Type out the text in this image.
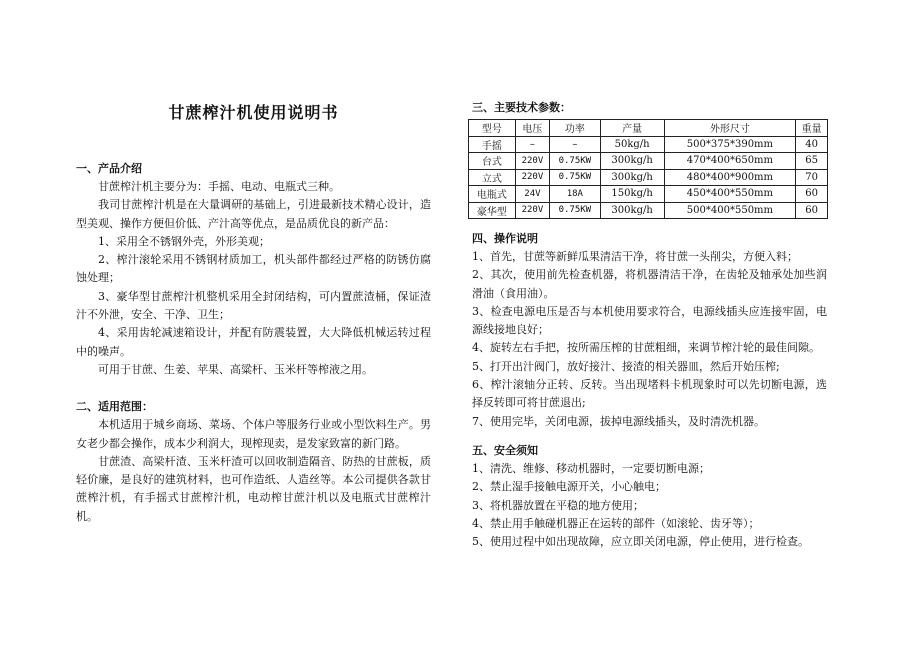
甘蔗榨汁机使用说明书
一、产品介绍

甘蔗榨汁机主要分为：手摇、电动、电瓶式三种。

我司甘蔗榨汁机是在大量调研的基础上，引进最新技术精心设计，造型美观、操作方便但价低、产汁高等优点，是品质优良的新产品：

1、采用全不锈钢外壳，外形美观；

2、榨汁滚轮采用不锈钢材质加工，机头部件都经过严格的防锈仿腐蚀处理；

3、豪华型甘蔗榨汁机整机采用全封闭结构，可内置蔗渣桶，保证渣汁不外泄，安全、干净、卫生；

4、采用齿轮减速箱设计，并配有防震装置，大大降低机械运转过程中的噪声。

可用于甘蔗、生姜、苹果、高粱杆、玉米杆等榨液之用。

二、适用范围：

本机适用于城乡商场、菜场、个体户等服务行业或小型饮料生产。男女老少都会操作，成本少利润大，现榨现卖，是发家致富的新门路。

甘蔗渣、高梁杆渣、玉米杆渣可以回收制造隔音、防热的甘蔗板，质轻价廉，是良好的建筑材料，也可作造纸、人造丝等。本公司提供各款甘蔗榨汁机，有手摇式甘蔗榨汁机，电动榨甘蔗汁机以及电瓶式甘蔗榨汁机。

三、主要技术参数：
型号	电压	功率	产量	外形尺寸	重量
手摇	–	–	50kg/h	500*375*390mm	40
台式	220V	0.75KW	300kg/h	470*400*650mm	65
立式	220V	0.75KW	300kg/h	480*400*900mm	70
电瓶式	24V	18A	150kg/h	450*400*550mm	60
豪华型	220V	0.75KW	300kg/h	500*400*550mm	60
四、操作说明

1、首先，甘蔗等新鲜瓜果清洁干净，将甘蔗一头削尖，方便入料；

2、其次，使用前先检查机器，将机器清洁干净，在齿轮及轴承处加些润滑油（食用油）。

3、检查电源电压是否与本机使用要求符合，电源线插头应连接牢固，电源线接地良好；

4、旋转左右手把，按所需压榨的甘蔗粗细，来调节榨汁轮的最佳间隙。

5、打开出汁阀门，放好接汁、接渣的相关器皿，然后开始压榨;

6、榨汁滚轴分正转、反转。当出现堵料卡机现象时可以先切断电源，选择反转即可将甘蔗退出;

7、使用完毕，关闭电源，拔掉电源线插头，及时清洗机器。

五、安全须知

1、清洗、维修、移动机器时，一定要切断电源；

2、禁止湿手接触电源开关，小心触电；

3、将机器放置在平稳的地方使用；

4、禁止用手触碰机器正在运转的部件（如滚轮、齿牙等）；

5、使用过程中如出现故障，应立即关闭电源，停止使用，进行检查。
